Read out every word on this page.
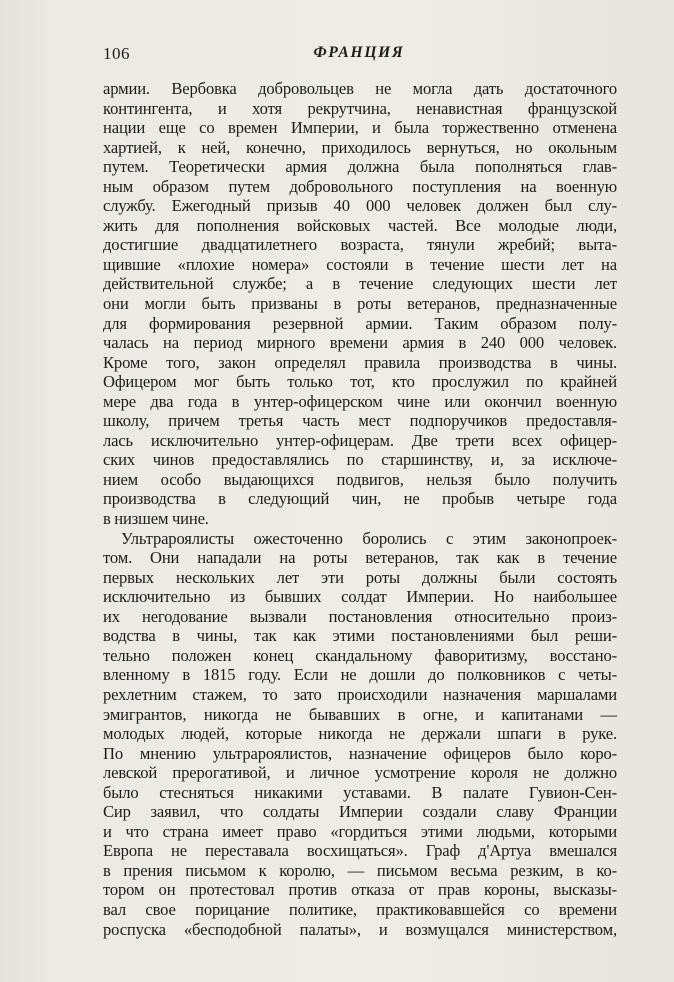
106	ФРАНЦИЯ
армии. Вербовка добровольцев не могла дать достаточного
контингента, и хотя рекрутчина, ненавистная французской
нации еще со времен Империи, и была торжественно отменена
хартией, к ней, конечно, приходилось вернуться, но окольным
путем. Теоретически армия должна была пополняться глав-
ным образом путем добровольного поступления на военную
службу. Ежегодный призыв 40 000 человек должен был слу-
жить для пополнения войсковых частей. Все молодые люди,
достигшие двадцатилетнего возраста, тянули жребий; выта-
щившие «плохие номера» состояли в течение шести лет на
действительной службе; а в течение следующих шести лет
они могли быть призваны в роты ветеранов, предназначенные
для формирования резервной армии. Таким образом полу-
чалась на период мирного времени армия в 240 000 человек.
Кроме того, закон определял правила производства в чины.
Офицером мог быть только тот, кто прослужил по крайней
мере два года в унтер-офицерском чине или окончил военную
школу, причем третья часть мест подпоручиков предоставля-
лась исключительно унтер-офицерам. Две трети всех офицер-
ских чинов предоставлялись по старшинству, и, за исключе-
нием особо выдающихся подвигов, нельзя было получить
производства в следующий чин, не пробыв четыре года
в низшем чине.
Ультрароялисты ожесточенно боролись с этим законопроек-
том. Они нападали на роты ветеранов, так как в течение
первых нескольких лет эти роты должны были состоять
исключительно из бывших солдат Империи. Но наибольшее
их негодование вызвали постановления относительно произ-
водства в чины, так как этими постановлениями был реши-
тельно положен конец скандальному фаворитизму, восстано-
вленному в 1815 году. Если не дошли до полковников с четы-
рехлетним стажем, то зато происходили назначения маршалами
эмигрантов, никогда не бывавших в огне, и капитанами —
молодых людей, которые никогда не держали шпаги в руке.
По мнению ультрароялистов, назначение офицеров было коро-
левской прерогативой, и личное усмотрение короля не должно
было стесняться никакими уставами. В палате Гувион-Сен-
Сир заявил, что солдаты Империи создали славу Франции
и что страна имеет право «гордиться этими людьми, которыми
Европа не переставала восхищаться». Граф д'Артуа вмешался
в прения письмом к королю, — письмом весьма резким, в ко-
тором он протестовал против отказа от прав короны, высказы-
вал свое порицание политике, практиковавшейся со времени
роспуска «бесподобной палаты», и возмущался министерством,
